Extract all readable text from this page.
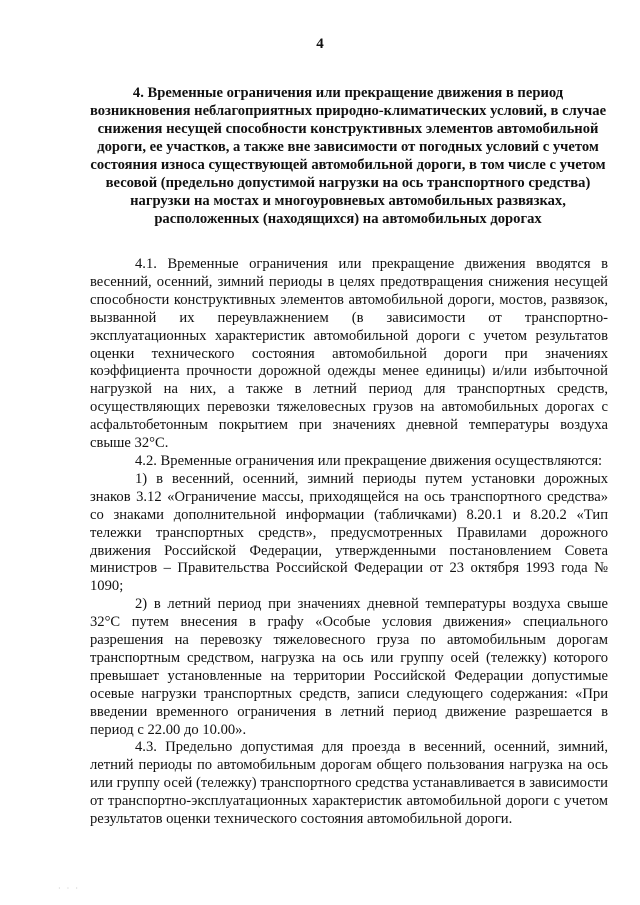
4

4. Временные ограничения или прекращение движения в период возникновения неблагоприятных природно-климатических условий, в случае снижения несущей способности конструктивных элементов автомобильной дороги, ее участков, а также вне зависимости от погодных условий с учетом состояния износа существующей автомобильной дороги, в том числе с учетом весовой (предельно допустимой нагрузки на ось транспортного средства) нагрузки на мостах и многоуровневых автомобильных развязках, расположенных (находящихся) на автомобильных дорогах

4.1. Временные ограничения или прекращение движения вводятся в весенний, осенний, зимний периоды в целях предотвращения снижения несущей способности конструктивных элементов автомобильной дороги, мостов, развязок, вызванной их переувлажнением (в зависимости от транспортно-эксплуатационных характеристик автомобильной дороги с учетом результатов оценки технического состояния автомобильной дороги при значениях коэффициента прочности дорожной одежды менее единицы) и/или избыточной нагрузкой на них, а также в летний период для транспортных средств, осуществляющих перевозки тяжеловесных грузов на автомобильных дорогах с асфальтобетонным покрытием при значениях дневной температуры воздуха свыше 32°С.

4.2. Временные ограничения или прекращение движения осуществляются:

1) в весенний, осенний, зимний периоды путем установки дорожных знаков 3.12 «Ограничение массы, приходящейся на ось транспортного средства» со знаками дополнительной информации (табличками) 8.20.1 и 8.20.2 «Тип тележки транспортных средств», предусмотренных Правилами дорожного движения Российской Федерации, утвержденными постановлением Совета министров – Правительства Российской Федерации от 23 октября 1993 года № 1090;

2) в летний период при значениях дневной температуры воздуха свыше 32°С путем внесения в графу «Особые условия движения» специального разрешения на перевозку тяжеловесного груза по автомобильным дорогам транспортным средством, нагрузка на ось или группу осей (тележку) которого превышает установленные на территории Российской Федерации допустимые осевые нагрузки транспортных средств, записи следующего содержания: «При введении временного ограничения в летний период движение разрешается в период с 22.00 до 10.00».

4.3. Предельно допустимая для проезда в весенний, осенний, зимний, летний периоды по автомобильным дорогам общего пользования нагрузка на ось или группу осей (тележку) транспортного средства устанавливается в зависимости от транспортно-эксплуатационных характеристик автомобильной дороги с учетом результатов оценки технического состояния автомобильной дороги.

· · ·
